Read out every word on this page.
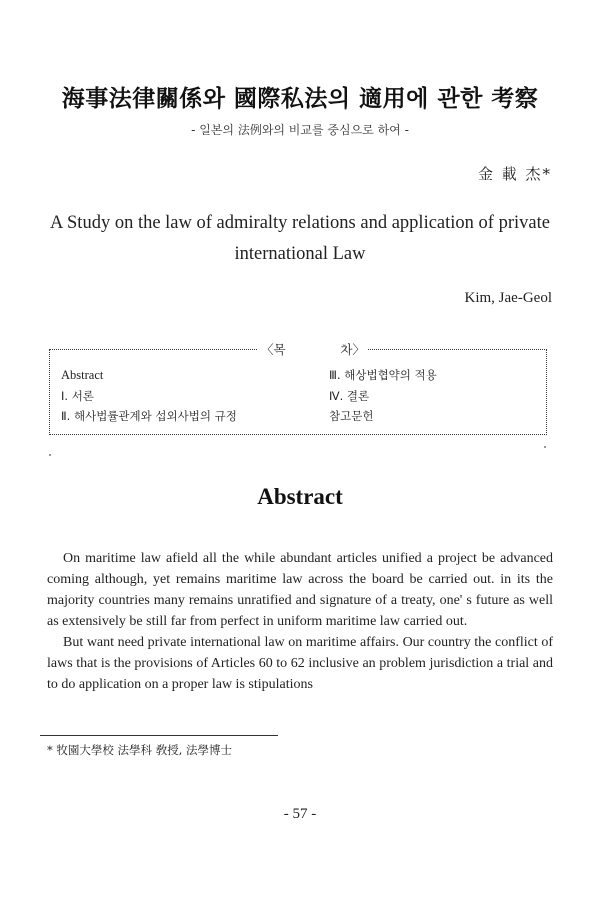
海事法律關係와 國際私法의 適用에 관한 考察
- 일본의 法例와의 비교를 중심으로 하여 -
金 載 杰*
A Study on the law of admiralty relations and application of private international Law
Kim, Jae-Geol
〈목	차〉
Abstract
Ⅰ. 서론
Ⅱ. 해사법률관계와 섭외사법의 규정
Ⅲ. 해상법협약의 적용
Ⅳ. 결론
참고문헌
Abstract

On maritime law afield all the while abundant articles unified a project be advanced coming although, yet remains maritime law across the board be carried out. in its the majority countries many remains unratified and signature of a treaty, one' s future as well as extensively be still far from perfect in uniform maritime law carried out.

But want need private international law on maritime affairs. Our country the conflict of laws that is the provisions of Articles 60 to 62 inclusive an problem jurisdiction a trial and to do application on a proper law is stipulations

* 牧園大學校 法學科 敎授, 法學博士
- 57 -
